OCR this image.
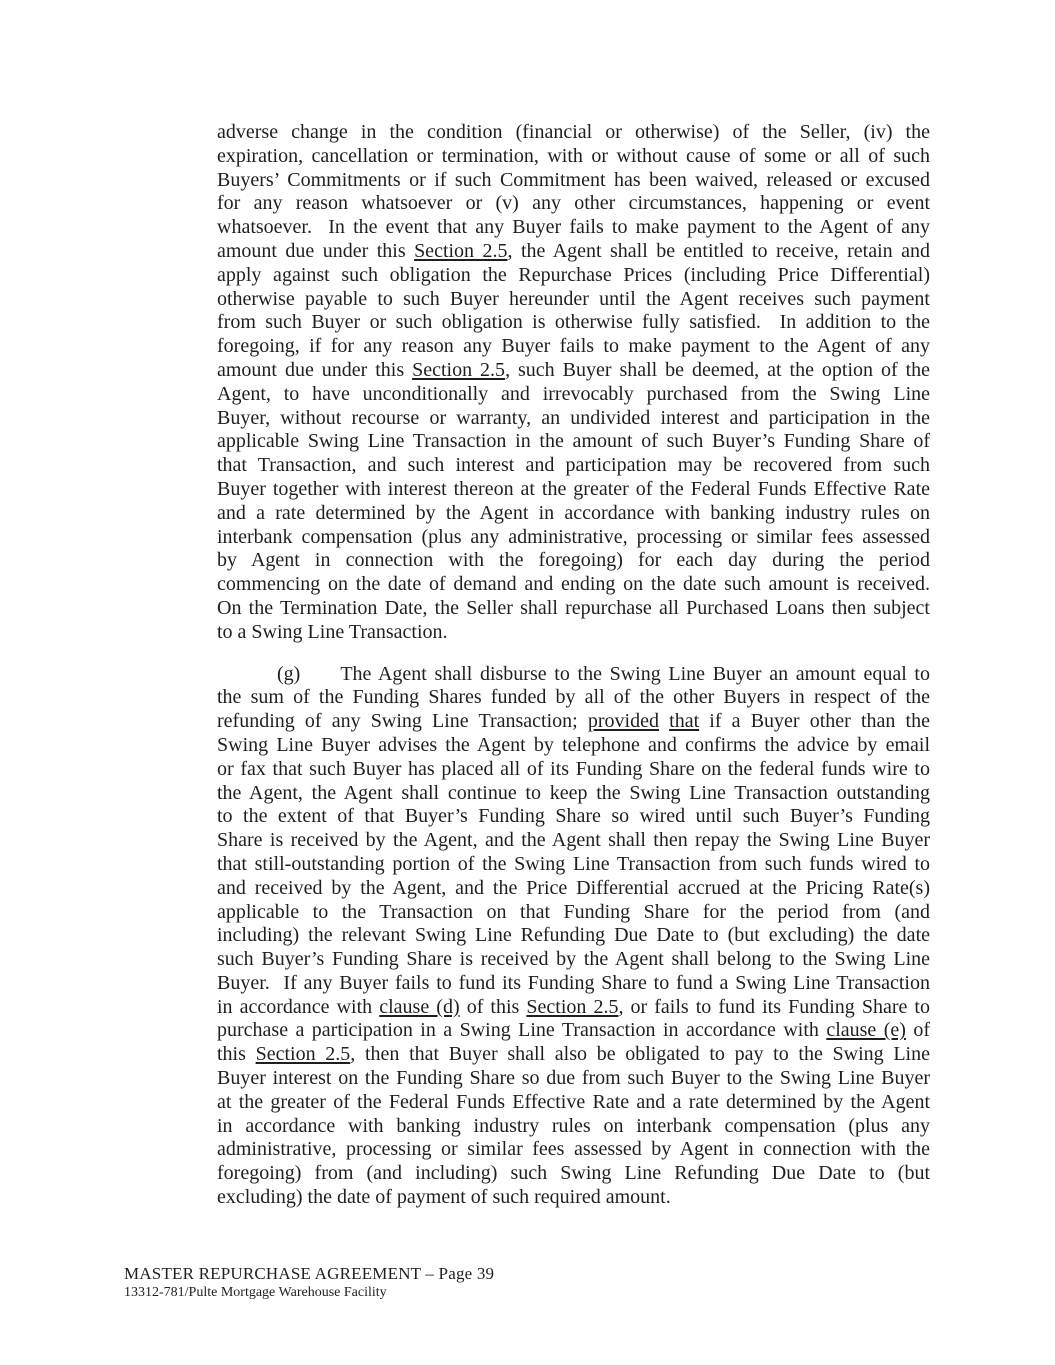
adverse change in the condition (financial or otherwise) of the Seller, (iv) the
expiration, cancellation or termination, with or without cause of some or all of such
Buyers’ Commitments or if such Commitment has been waived, released or excused
for any reason whatsoever or (v) any other circumstances, happening or event
whatsoever.  In the event that any Buyer fails to make payment to the Agent of any
amount due under this Section 2.5, the Agent shall be entitled to receive, retain and
apply against such obligation the Repurchase Prices (including Price Differential)
otherwise payable to such Buyer hereunder until the Agent receives such payment
from such Buyer or such obligation is otherwise fully satisfied.  In addition to the
foregoing, if for any reason any Buyer fails to make payment to the Agent of any
amount due under this Section 2.5, such Buyer shall be deemed, at the option of the
Agent, to have unconditionally and irrevocably purchased from the Swing Line
Buyer, without recourse or warranty, an undivided interest and participation in the
applicable Swing Line Transaction in the amount of such Buyer’s Funding Share of
that Transaction, and such interest and participation may be recovered from such
Buyer together with interest thereon at the greater of the Federal Funds Effective Rate
and a rate determined by the Agent in accordance with banking industry rules on
interbank compensation (plus any administrative, processing or similar fees assessed
by Agent in connection with the foregoing) for each day during the period
commencing on the date of demand and ending on the date such amount is received.
On the Termination Date, the Seller shall repurchase all Purchased Loans then subject
to a Swing Line Transaction.
(g) The Agent shall disburse to the Swing Line Buyer an amount equal to
the sum of the Funding Shares funded by all of the other Buyers in respect of the
refunding of any Swing Line Transaction; provided that if a Buyer other than the
Swing Line Buyer advises the Agent by telephone and confirms the advice by email
or fax that such Buyer has placed all of its Funding Share on the federal funds wire to
the Agent, the Agent shall continue to keep the Swing Line Transaction outstanding
to the extent of that Buyer’s Funding Share so wired until such Buyer’s Funding
Share is received by the Agent, and the Agent shall then repay the Swing Line Buyer
that still-outstanding portion of the Swing Line Transaction from such funds wired to
and received by the Agent, and the Price Differential accrued at the Pricing Rate(s)
applicable to the Transaction on that Funding Share for the period from (and
including) the relevant Swing Line Refunding Due Date to (but excluding) the date
such Buyer’s Funding Share is received by the Agent shall belong to the Swing Line
Buyer.  If any Buyer fails to fund its Funding Share to fund a Swing Line Transaction
in accordance with clause (d) of this Section 2.5, or fails to fund its Funding Share to
purchase a participation in a Swing Line Transaction in accordance with clause (e) of
this Section 2.5, then that Buyer shall also be obligated to pay to the Swing Line
Buyer interest on the Funding Share so due from such Buyer to the Swing Line Buyer
at the greater of the Federal Funds Effective Rate and a rate determined by the Agent
in accordance with banking industry rules on interbank compensation (plus any
administrative, processing or similar fees assessed by Agent in connection with the
foregoing) from (and including) such Swing Line Refunding Due Date to (but
excluding) the date of payment of such required amount.
MASTER REPURCHASE AGREEMENT – Page 39
13312-781/Pulte Mortgage Warehouse Facility
